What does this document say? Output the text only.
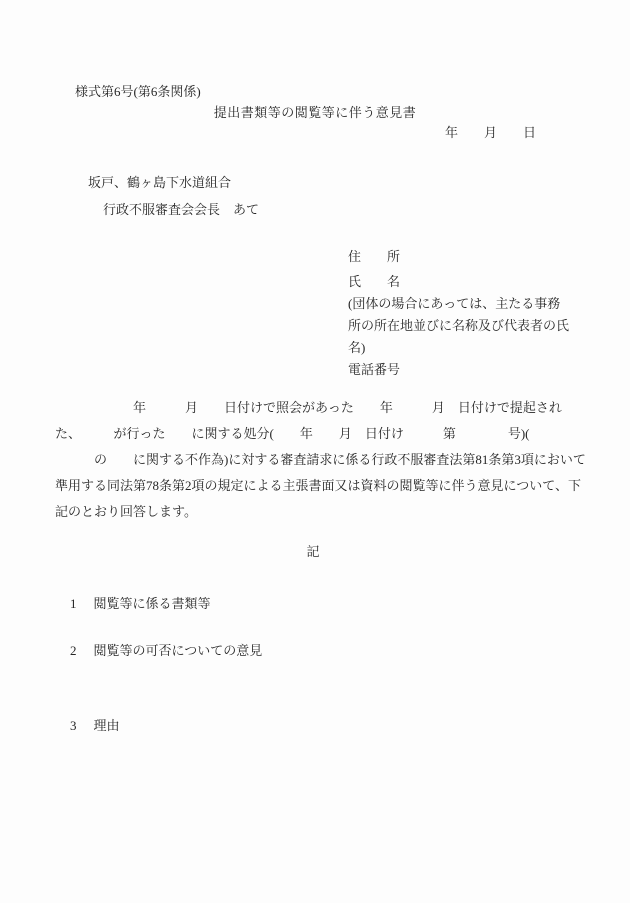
様式第6号(第6条関係)
提出書類等の閲覧等に伴う意見書
年　　月　　日
坂戸、鶴ヶ島下水道組合
行政不服審査会会長　あて
住　　所
氏　　名
(団体の場合にあっては、主たる事務
所の所在地並びに名称及び代表者の氏
名)
電話番号
　　　　　　年　　　月　　日付けで照会があった　　年　　　月　日付けで提起され
た、　　　が行った　　に関する処分(　　年　　月　日付け　　　第　　　　号)(
　　　の　　に関する不作為)に対する審査請求に係る行政不服審査法第81条第3項において
準用する同法第78条第2項の規定による主張書面又は資料の閲覧等に伴う意見について、下
記のとおり回答します。
記
1 閲覧等に係る書類等
2 閲覧等の可否についての意見
3 理由
